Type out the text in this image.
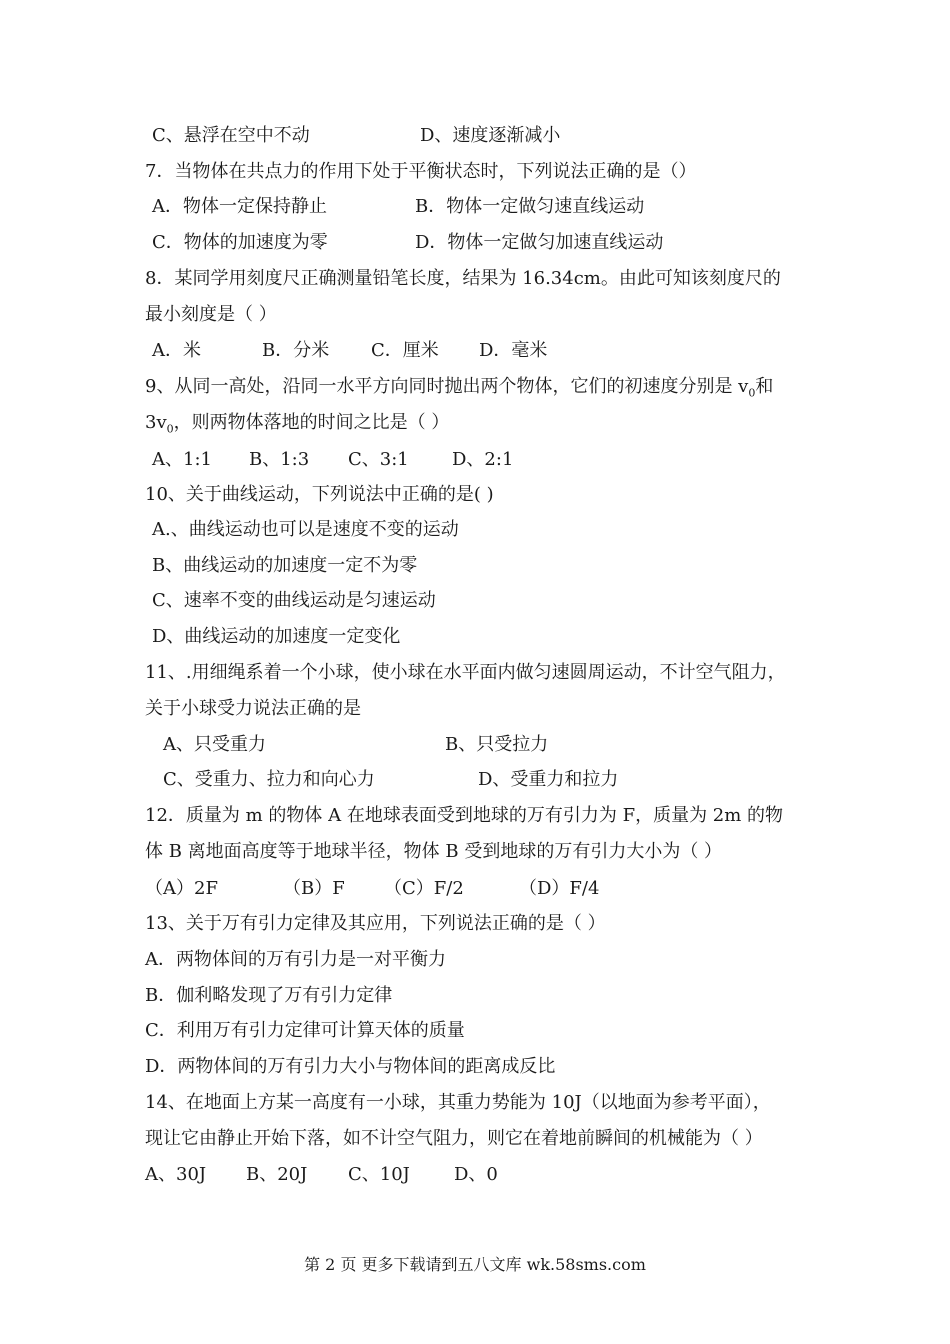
C、悬浮在空中不动	D、速度逐渐减小
7．当物体在共点力的作用下处于平衡状态时，下列说法正确的是（）
A．物体一定保持静止	B．物体一定做匀速直线运动
C．物体的加速度为零	D．物体一定做匀加速直线运动
8．某同学用刻度尺正确测量铅笔长度，结果为 16.34cm。由此可知该刻度尺的
最小刻度是（ ）
A．米	B．分米 C．厘米 D．毫米
9、从同一高处，沿同一水平方向同时抛出两个物体，它们的初速度分别是 $v_0$和
$3v_0$，则两物体落地的时间之比是（ ）
A、1:1 B、1:3 C、3:1 D、2:1
10、关于曲线运动，下列说法中正确的是( )
A.、曲线运动也可以是速度不变的运动
B、曲线运动的加速度一定不为零
C、速率不变的曲线运动是匀速运动
D、曲线运动的加速度一定变化
11、.用细绳系着一个小球，使小球在水平面内做匀速圆周运动，不计空气阻力，
关于小球受力说法正确的是
A、只受重力	B、只受拉力
C、受重力、拉力和向心力	D、受重力和拉力
12．质量为 m 的物体 A 在地球表面受到地球的万有引力为 F，质量为 2m 的物
体 B 离地面高度等于地球半径，物体 B 受到地球的万有引力大小为（ ）
（A）2F	（B）F （C）F/2	（D）F/4
13、关于万有引力定律及其应用，下列说法正确的是（ ）
A．两物体间的万有引力是一对平衡力
B．伽利略发现了万有引力定律
C．利用万有引力定律可计算天体的质量
D．两物体间的万有引力大小与物体间的距离成反比
14、在地面上方某一高度有一小球，其重力势能为 10J（以地面为参考平面），
现让它由静止开始下落，如不计空气阻力，则它在着地前瞬间的机械能为（ ）
A、30J B、20J C、10J D、0
第 2 页 更多下载请到五八文库 wk.58sms.com
